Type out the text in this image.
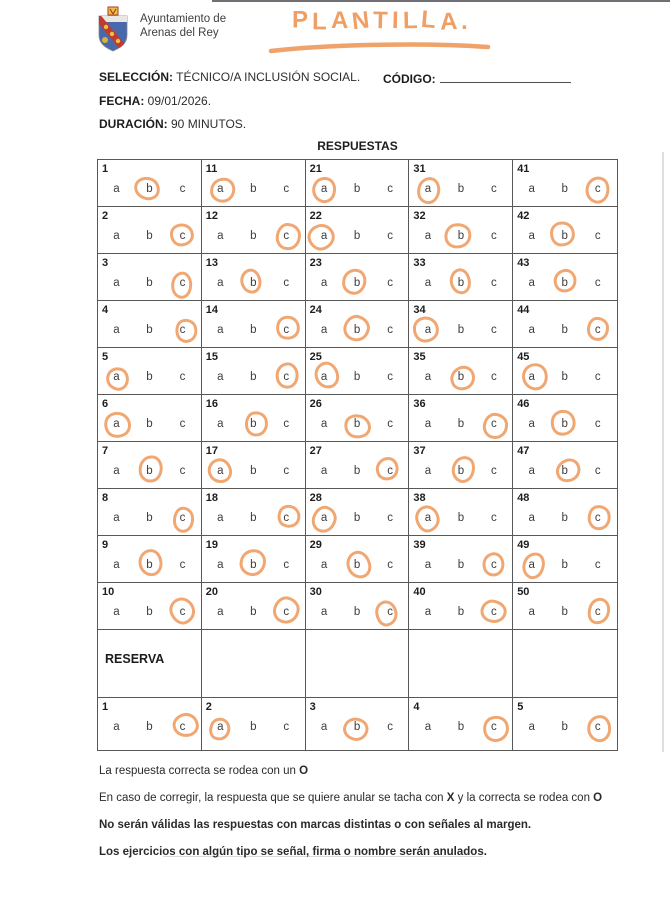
Ayuntamiento de
Arenas del Rey	PLANTILLA.
SELECCIÓN: TÉCNICO/A INCLUSIÓN SOCIAL. CÓDIGO:
FECHA: 09/01/2026.
DURACIÓN: 90 MINUTOS.
RESPUESTAS
1
a	b	c
11
a	b	c
21
a	b	c
31
a	b	c
41
a	b	c
2
a	b	c
12
a	b	c
22
a	b	c
32
a	b	c
42
a	b	c
3
a	b	c
13
a	b	c
23
a	b	c
33
a	b	c
43
a	b	c
4
a	b	c
14
a	b	c
24
a	b	c
34
a	b	c
44
a	b	c
5
a	b	c
15
a	b	c
25
a	b	c
35
a	b	c
45
a	b	c
6
a	b	c
16
a	b	c
26
a	b	c
36
a	b	c
46
a	b	c
7
a	b	c
17
a	b	c
27
a	b	c
37
a	b	c
47
a	b	c
8
a	b	c
18
a	b	c
28
a	b	c
38
a	b	c
48
a	b	c
9
a	b	c
19
a	b	c
29
a	b	c
39
a	b	c
49
a	b	c
10
a	b	c
20
a	b	c
30
a	b	c
40
a	b	c
50
a	b	c
RESERVA
1
a	b	c
2
a	b	c
3
a	b	c
4
a	b	c
5
a	b	c
La respuesta correcta se rodea con un O
En caso de corregir, la respuesta que se quiere anular se tacha con X y la correcta se rodea con O
No serán válidas las respuestas con marcas distintas o con señales al margen.
Los ejercicios con algún tipo se señal, firma o nombre serán anulados.
